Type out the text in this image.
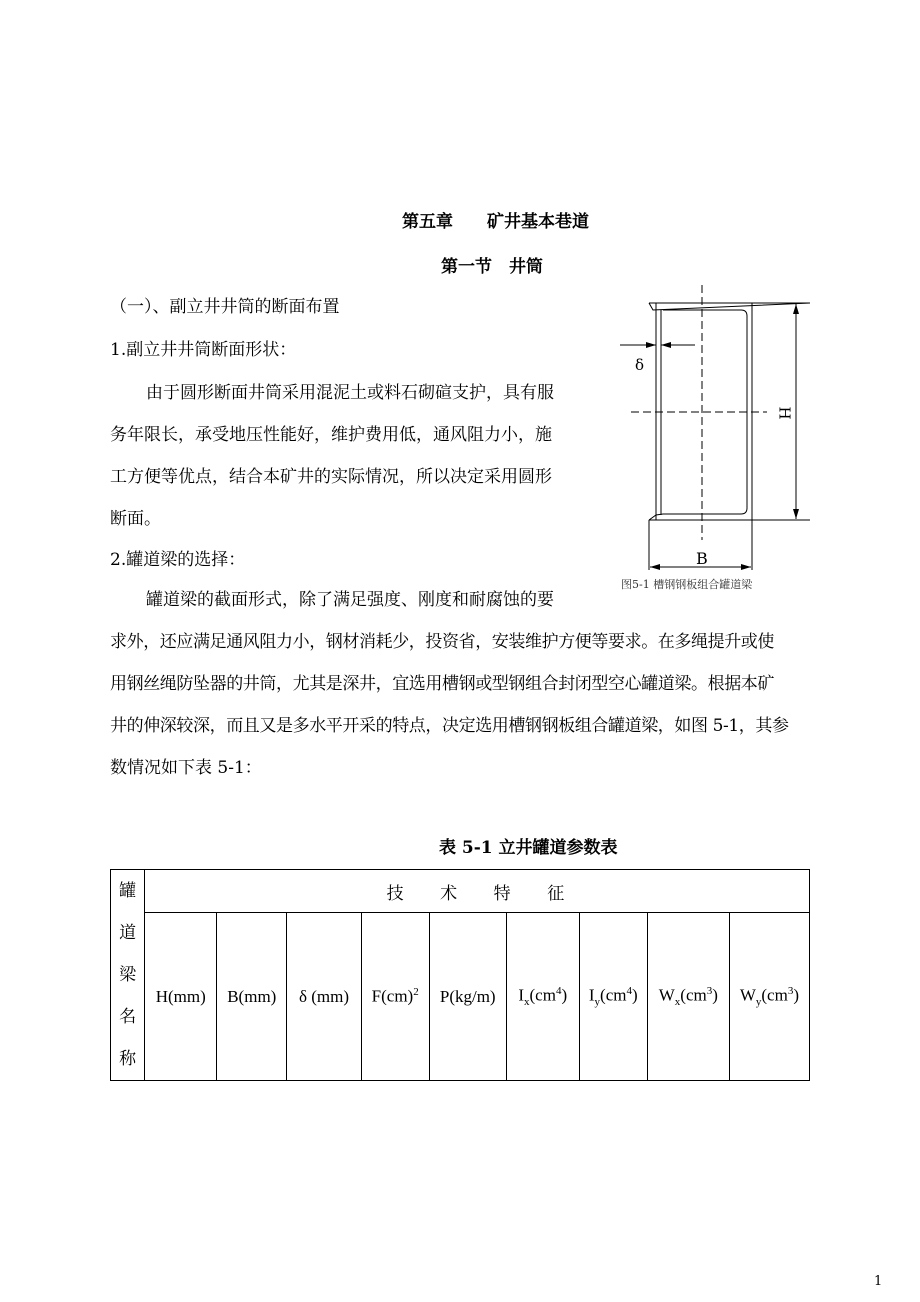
第五章　　矿井基本巷道
第一节　井筒
（一）、副立井井筒的断面布置
1.副立井井筒断面形状：
由于圆形断面井筒采用混泥土或料石砌碹支护，具有服
务年限长，承受地压性能好，维护费用低，通风阻力小，施
工方便等优点，结合本矿井的实际情况，所以决定采用圆形
断面。
2.罐道梁的选择：
罐道梁的截面形式，除了满足强度、刚度和耐腐蚀的要
求外，还应满足通风阻力小，钢材消耗少，投资省，安装维护方便等要求。在多绳提升或使
用钢丝绳防坠器的井筒，尤其是深井，宜选用槽钢或型钢组合封闭型空心罐道梁。根据本矿
井的伸深较深，而且又是多水平开采的特点，决定选用槽钢钢板组合罐道梁，如图 5-1，其参
数情况如下表 5-1：
δ
H
B
图5-1 槽钢钢板组合罐道梁
表 5-1 立井罐道参数表
罐
道
梁
名
称	技 术 特 征								
	H(mm)	B(mm)	δ (mm)	F(cm)$^2$	P(kg/m)	$I_x(cm^4)$	$I_y(cm^4)$	$W_x(cm^3)$	$W_y(cm^3)$
1
